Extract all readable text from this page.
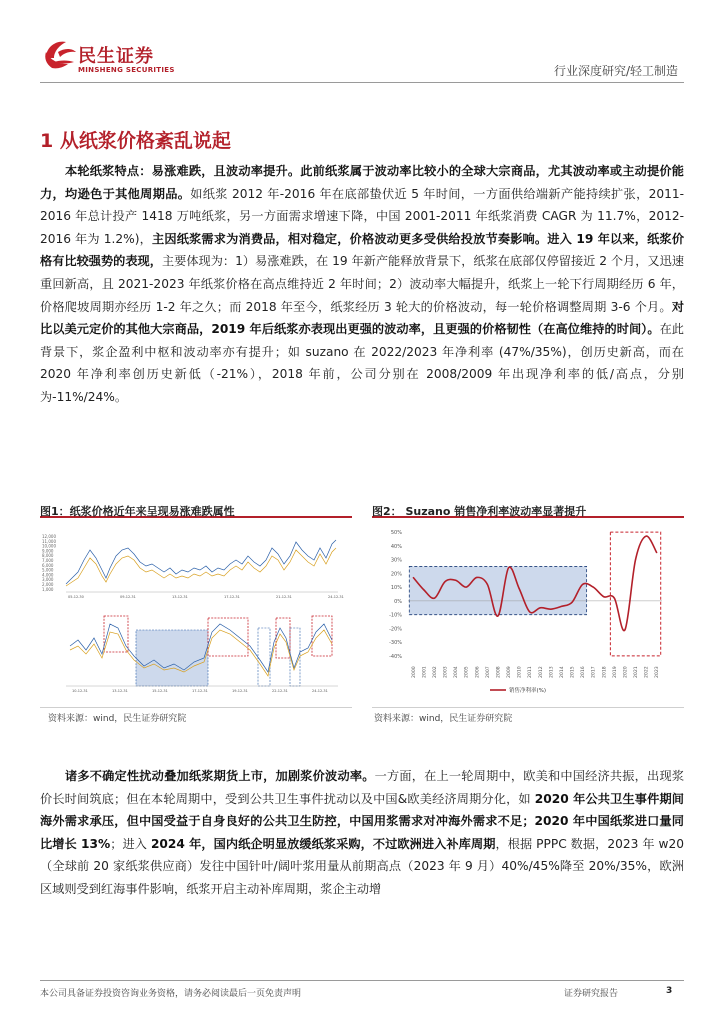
民生证券
MINSHENG SECURITIES	行业深度研究/轻工制造
1 从纸浆价格紊乱说起
本轮纸浆特点：易涨难跌，且波动率提升。此前纸浆属于波动率比较小的全球大宗商品，尤其波动率或主动提价能力，均逊色于其他周期品。如纸浆 2012 年-2016 年在底部蛰伏近 5 年时间，一方面供给端新产能持续扩张，2011-2016 年总计投产 1418 万吨纸浆，另一方面需求增速下降，中国 2001-2011 年纸浆消费 CAGR 为 11.7%，2012-2016 年为 1.2%)，主因纸浆需求为消费品，相对稳定，价格波动更多受供给投放节奏影响。进入 19 年以来，纸浆价格有比较强势的表现，主要体现为：1）易涨难跌，在 19 年新产能释放背景下，纸浆在底部仅停留接近 2 个月，又迅速重回新高，且 2021-2023 年纸浆价格在高点维持近 2 年时间；2）波动率大幅提升，纸浆上一轮下行周期经历 6 年，价格爬坡周期亦经历 1-2 年之久；而 2018 年至今，纸浆经历 3 轮大的价格波动，每一轮价格调整周期 3-6 个月。对比以美元定价的其他大宗商品，2019 年后纸浆亦表现出更强的波动率，且更强的价格韧性（在高位维持的时间）。在此背景下，浆企盈利中枢和波动率亦有提升；如 suzano 在 2022/2023 年净利率 (47%/35%)，创历史新高，而在 2020 年净利率创历史新低（-21%），2018 年前，公司分别在 2008/2009 年出现净利率的低/高点，分别为-11%/24%。
图1：纸浆价格近年来呈现易涨难跌属性
12,000
11,000
10,000
9,000
8,000
7,000
6,000
5,000
4,000
3,000
2,000
1,000
05-12-30	09-12-31	13-12-31	17-12-31	21-12-31	24-12-31
10-12-31	13-12-31	15-12-31	17-12-31	19-12-31	22-12-31	24-12-31
资料来源：wind，民生证券研究院
图2： Suzano 销售净利率波动率显著提升
50%
40%
30%
20%
10%
0%
-10%
-20%
-30%
-40%
2000 2001 2002 2003 2004 2005 2006 2007 2008 2009 2010 2011 2012 2013 2014 2015 2016 2017 2018 2019 2020 2021 2022 2023
销售净利率(%)
资料来源：wind，民生证券研究院
诸多不确定性扰动叠加纸浆期货上市，加剧浆价波动率。一方面，在上一轮周期中，欧美和中国经济共振，出现浆价长时间筑底；但在本轮周期中，受到公共卫生事件扰动以及中国&欧美经济周期分化，如 2020 年公共卫生事件期间海外需求承压，但中国受益于自身良好的公共卫生防控，中国用浆需求对冲海外需求不足；2020 年中国纸浆进口量同比增长 13%；进入 2024 年，国内纸企明显放缓纸浆采购，不过欧洲进入补库周期，根据 PPPC 数据，2023 年 w20（全球前 20 家纸浆供应商）发往中国针叶/阔叶浆用量从前期高点（2023 年 9 月）40%/45%降至 20%/35%，欧洲区域则受到红海事件影响，纸浆开启主动补库周期，浆企主动增
本公司具备证券投资咨询业务资格，请务必阅读最后一页免责声明	证券研究报告	3
